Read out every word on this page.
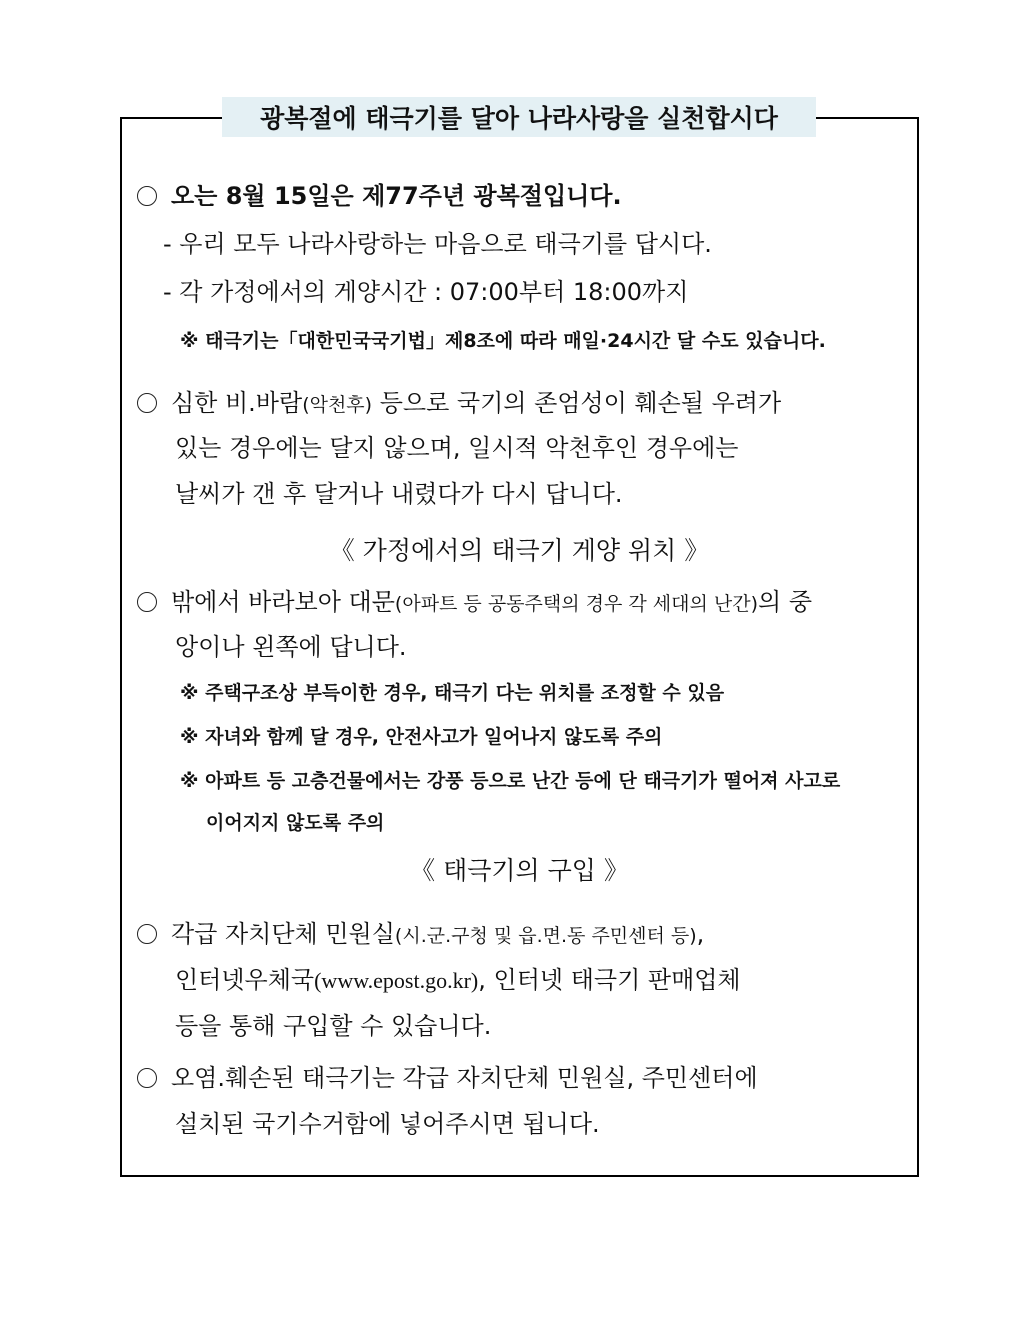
광복절에 태극기를 달아 나라사랑을 실천합시다
오는 8월 15일은 제77주년 광복절입니다.
- 우리 모두 나라사랑하는 마음으로 태극기를 답시다.
- 각 가정에서의 게양시간 : 07:00부터 18:00까지
※ 태극기는「대한민국국기법」제8조에 따라 매일·24시간 달 수도 있습니다.
심한 비.바람(악천후) 등으로 국기의 존엄성이 훼손될 우려가
있는 경우에는 달지 않으며, 일시적 악천후인 경우에는
날씨가 갠 후 달거나 내렸다가 다시 답니다.
《 가정에서의 태극기 게양 위치 》
밖에서 바라보아 대문(아파트 등 공동주택의 경우 각 세대의 난간)의 중
앙이나 왼쪽에 답니다.
※ 주택구조상 부득이한 경우, 태극기 다는 위치를 조정할 수 있음
※ 자녀와 함께 달 경우, 안전사고가 일어나지 않도록 주의
※ 아파트 등 고층건물에서는 강풍 등으로 난간 등에 단 태극기가 떨어져 사고로
이어지지 않도록 주의
《 태극기의 구입 》
각급 자치단체 민원실(시.군.구청 및 읍.면.동 주민센터 등),
인터넷우체국(www.epost.go.kr), 인터넷 태극기 판매업체
등을 통해 구입할 수 있습니다.
오염.훼손된 태극기는 각급 자치단체 민원실, 주민센터에
설치된 국기수거함에 넣어주시면 됩니다.
